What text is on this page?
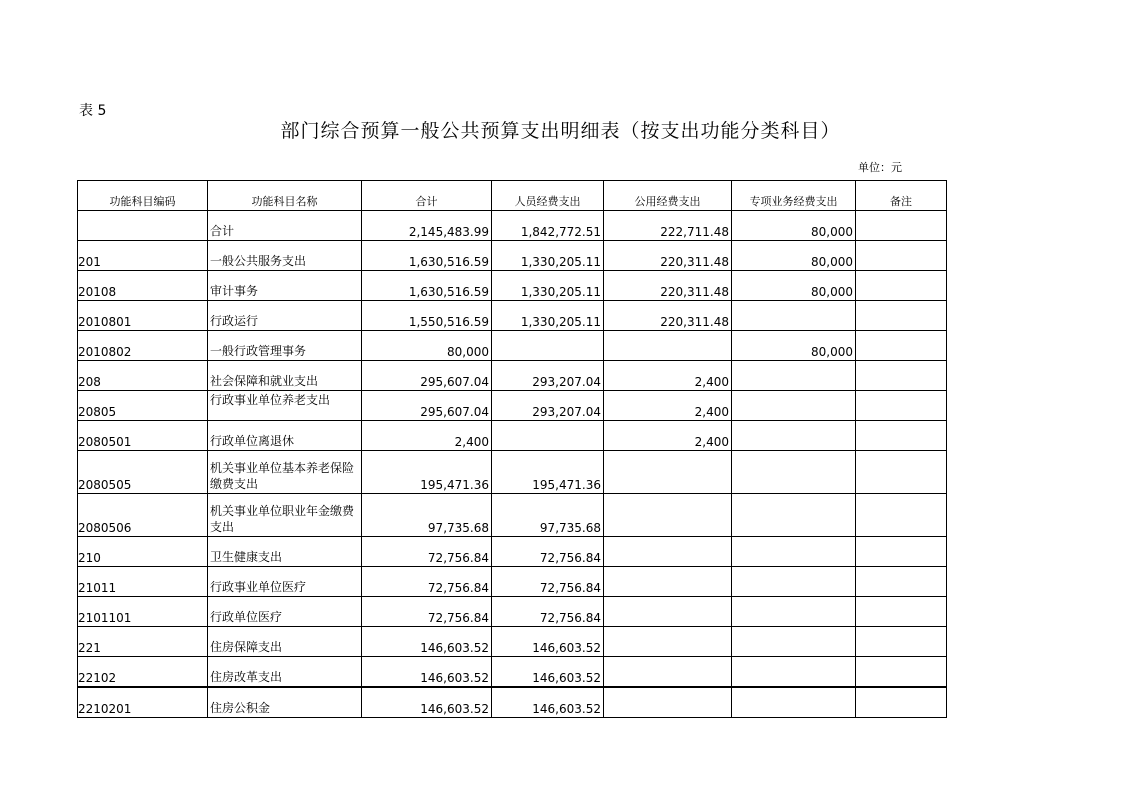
表 5
部门综合预算一般公共预算支出明细表（按支出功能分类科目）
单位：元
功能科目编码	功能科目名称	合计	人员经费支出	公用经费支出	专项业务经费支出	备注
	合计	2,145,483.99	1,842,772.51	222,711.48	80,000	
201	一般公共服务支出	1,630,516.59	1,330,205.11	220,311.48	80,000	
20108	审计事务	1,630,516.59	1,330,205.11	220,311.48	80,000	
2010801	行政运行	1,550,516.59	1,330,205.11	220,311.48		
2010802	一般行政管理事务	80,000			80,000	
208	社会保障和就业支出	295,607.04	293,207.04	2,400		
20805	行政事业单位养老支出	295,607.04	293,207.04	2,400		
2080501	行政单位离退休	2,400		2,400		
2080505	机关事业单位基本养老保险缴费支出	195,471.36	195,471.36			
2080506	机关事业单位职业年金缴费支出	97,735.68	97,735.68			
210	卫生健康支出	72,756.84	72,756.84			
21011	行政事业单位医疗	72,756.84	72,756.84			
2101101	行政单位医疗	72,756.84	72,756.84			
221	住房保障支出	146,603.52	146,603.52			
22102	住房改革支出	146,603.52	146,603.52			
2210201	住房公积金	146,603.52	146,603.52			
